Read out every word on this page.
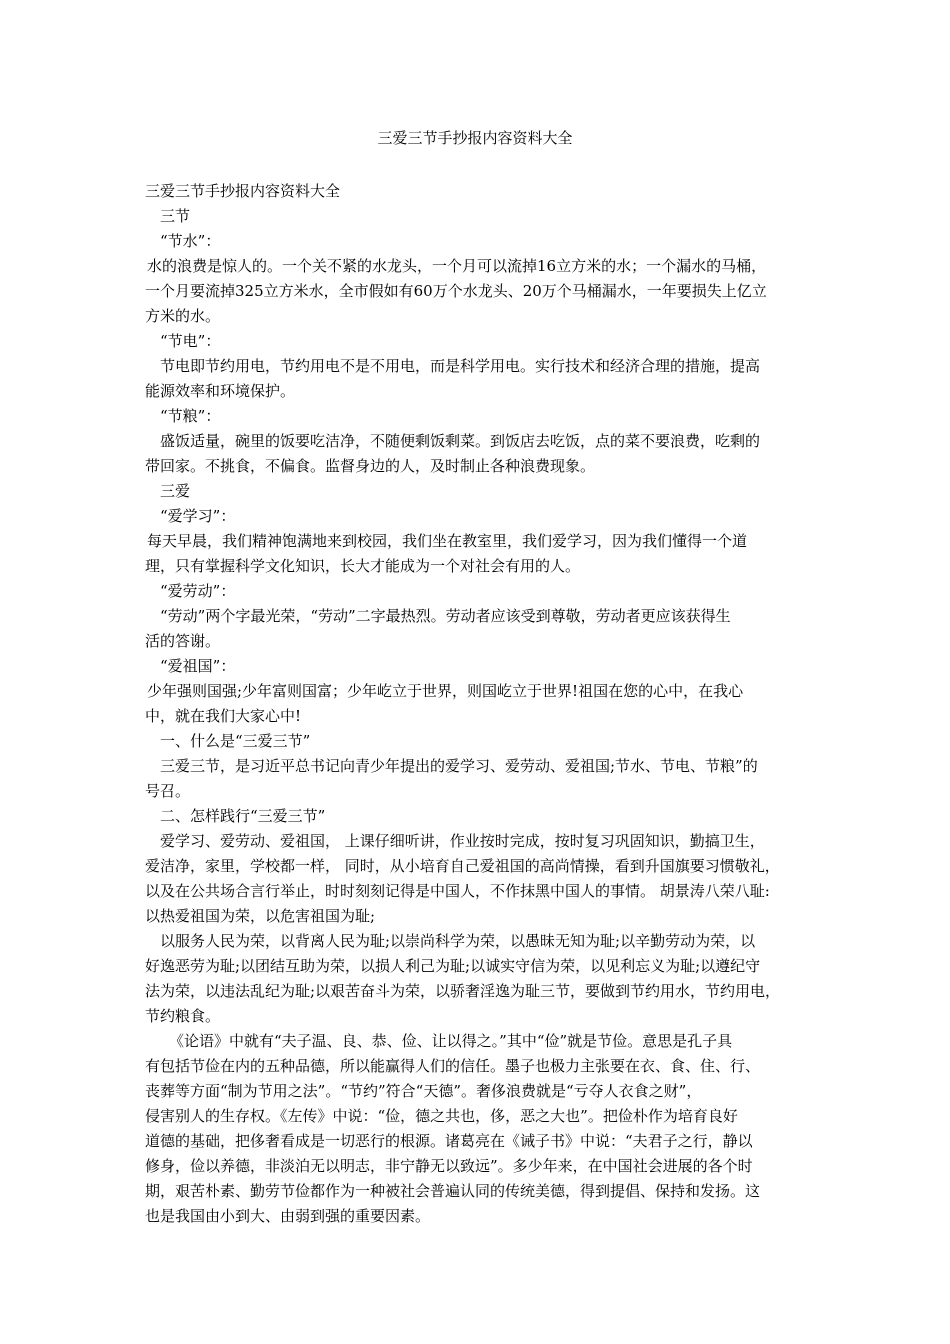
三爱三节手抄报内容资料大全
三爱三节手抄报内容资料大全
三节
“节水”：
水的浪费是惊人的。一个关不紧的水龙头，一个月可以流掉16立方米的水；一个漏水的马桶，
一个月要流掉325立方米水，全市假如有60万个水龙头、20万个马桶漏水，一年要损失上亿立
方米的水。
“节电”：
节电即节约用电，节约用电不是不用电，而是科学用电。实行技术和经济合理的措施，提高
能源效率和环境保护。
“节粮”：
盛饭适量，碗里的饭要吃洁净，不随便剩饭剩菜。到饭店去吃饭，点的菜不要浪费，吃剩的
带回家。不挑食，不偏食。监督身边的人，及时制止各种浪费现象。
三爱
“爱学习”：
每天早晨，我们精神饱满地来到校园，我们坐在教室里，我们爱学习，因为我们懂得一个道
理，只有掌握科学文化知识，长大才能成为一个对社会有用的人。
“爱劳动”：
“劳动”两个字最光荣，“劳动”二字最热烈。劳动者应该受到尊敬，劳动者更应该获得生
活的答谢。
“爱祖国”：
少年强则国强;少年富则国富；少年屹立于世界，则国屹立于世界!祖国在您的心中，在我心
中，就在我们大家心中!
一、什么是“三爱三节”
三爱三节，是习近平总书记向青少年提出的爱学习、爱劳动、爱祖国;节水、节电、节粮”的
号召。
二、怎样践行“三爱三节”
爱学习、爱劳动、爱祖国， 上课仔细听讲，作业按时完成，按时复习巩固知识，勤搞卫生，
爱洁净，家里，学校都一样， 同时，从小培育自己爱祖国的高尚情操，看到升国旗要习惯敬礼，
以及在公共场合言行举止，时时刻刻记得是中国人，不作抹黑中国人的事情。 胡景涛八荣八耻:
以热爱祖国为荣，以危害祖国为耻;
以服务人民为荣，以背离人民为耻;以崇尚科学为荣，以愚昧无知为耻;以辛勤劳动为荣，以
好逸恶劳为耻;以团结互助为荣，以损人利己为耻;以诚实守信为荣，以见利忘义为耻;以遵纪守
法为荣，以违法乱纪为耻;以艰苦奋斗为荣，以骄奢淫逸为耻三节，要做到节约用水，节约用电，
节约粮食。
《论语》中就有“夫子温、良、恭、俭、让以得之。”其中“俭”就是节俭。意思是孔子具
有包括节俭在内的五种品德，所以能赢得人们的信任。墨子也极力主张要在衣、食、住、行、
丧葬等方面“制为节用之法”。“节约”符合“天德”。奢侈浪费就是“亏夺人衣食之财”，
侵害别人的生存权。《左传》中说：“俭，德之共也，侈，恶之大也”。把俭朴作为培育良好
道德的基础，把侈奢看成是一切恶行的根源。诸葛亮在《诫子书》中说：“夫君子之行，静以
修身，俭以养德，非淡泊无以明志，非宁静无以致远”。多少年来，在中国社会进展的各个时
期，艰苦朴素、勤劳节俭都作为一种被社会普遍认同的传统美德，得到提倡、保持和发扬。这
也是我国由小到大、由弱到强的重要因素。
